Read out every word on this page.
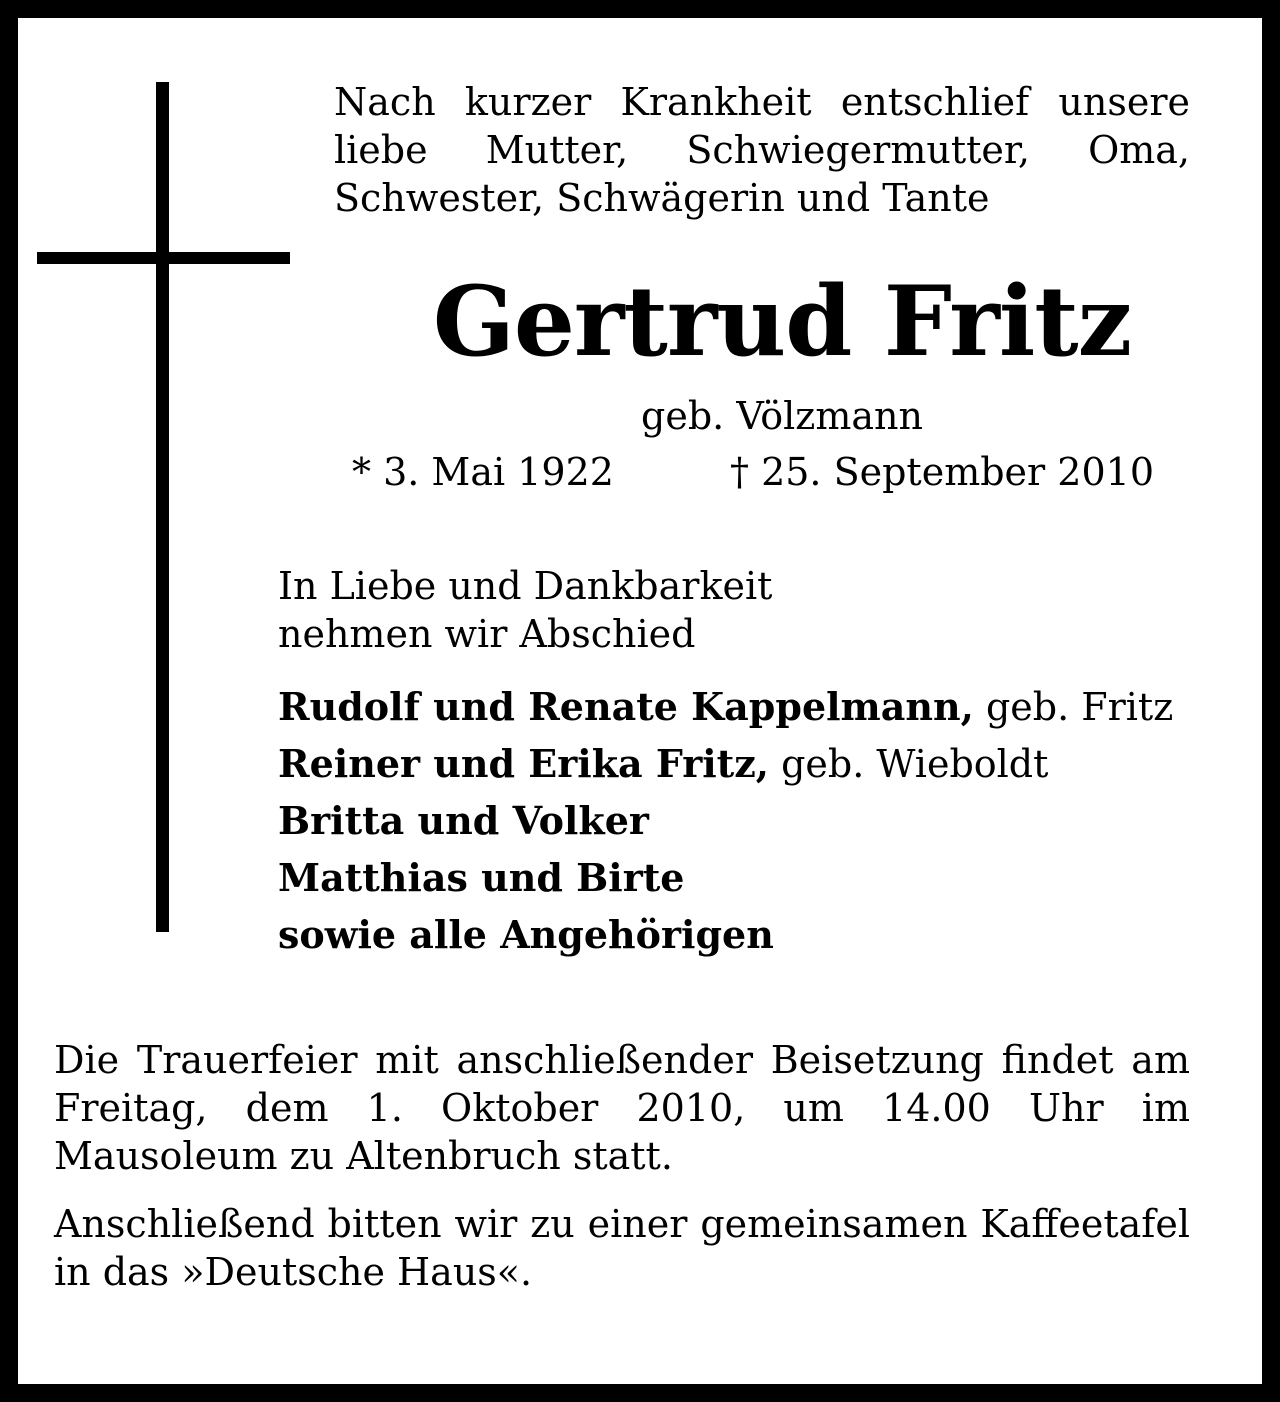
Nach kurzer Krankheit entschlief unsere
liebe Mutter, Schwiegermutter, Oma,
Schwester, Schwägerin und Tante
Gertrud Fritz
geb. Völzmann
* 3. Mai 1922	† 25. September 2010
In Liebe und Dankbarkeit
nehmen wir Abschied
Rudolf und Renate Kappelmann, geb. Fritz
Reiner und Erika Fritz, geb. Wieboldt
Britta und Volker
Matthias und Birte
sowie alle Angehörigen
Die Trauerfeier mit anschließender Beisetzung findet am Freitag, dem 1. Oktober 2010, um 14.00 Uhr im Mausoleum zu Altenbruch statt.
Anschließend bitten wir zu einer gemeinsamen Kaffeetafel in das »Deutsche Haus«.
